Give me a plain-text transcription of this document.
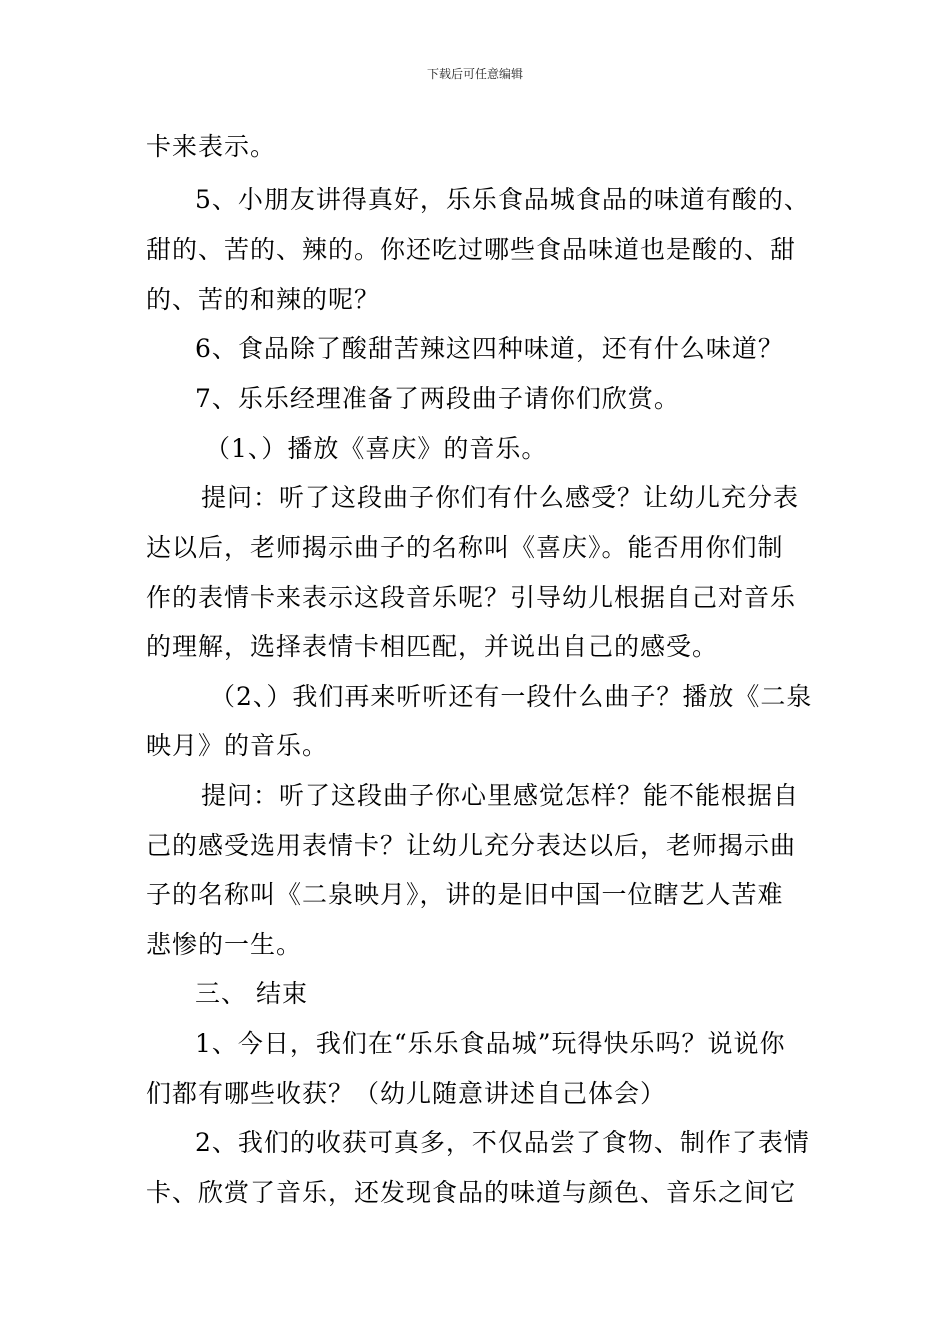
下载后可任意编辑
卡来表示。
5、小朋友讲得真好，乐乐食品城食品的味道有酸的、
甜的、苦的、辣的。你还吃过哪些食品味道也是酸的、甜
的、苦的和辣的呢？
6、食品除了酸甜苦辣这四种味道，还有什么味道？
7、乐乐经理准备了两段曲子请你们欣赏。
（1、）播放《喜庆》的音乐。
提问：听了这段曲子你们有什么感受？让幼儿充分表
达以后，老师揭示曲子的名称叫《喜庆》。能否用你们制
作的表情卡来表示这段音乐呢？引导幼儿根据自己对音乐
的理解，选择表情卡相匹配，并说出自己的感受。
（2、）我们再来听听还有一段什么曲子？播放《二泉
映月》的音乐。
提问：听了这段曲子你心里感觉怎样？能不能根据自
己的感受选用表情卡？让幼儿充分表达以后，老师揭示曲
子的名称叫《二泉映月》，讲的是旧中国一位瞎艺人苦难
悲惨的一生。
三、 结束
1、今日，我们在“乐乐食品城”玩得快乐吗？说说你
们都有哪些收获？（幼儿随意讲述自己体会）
2、我们的收获可真多，不仅品尝了食物、制作了表情
卡、欣赏了音乐，还发现食品的味道与颜色、音乐之间它
